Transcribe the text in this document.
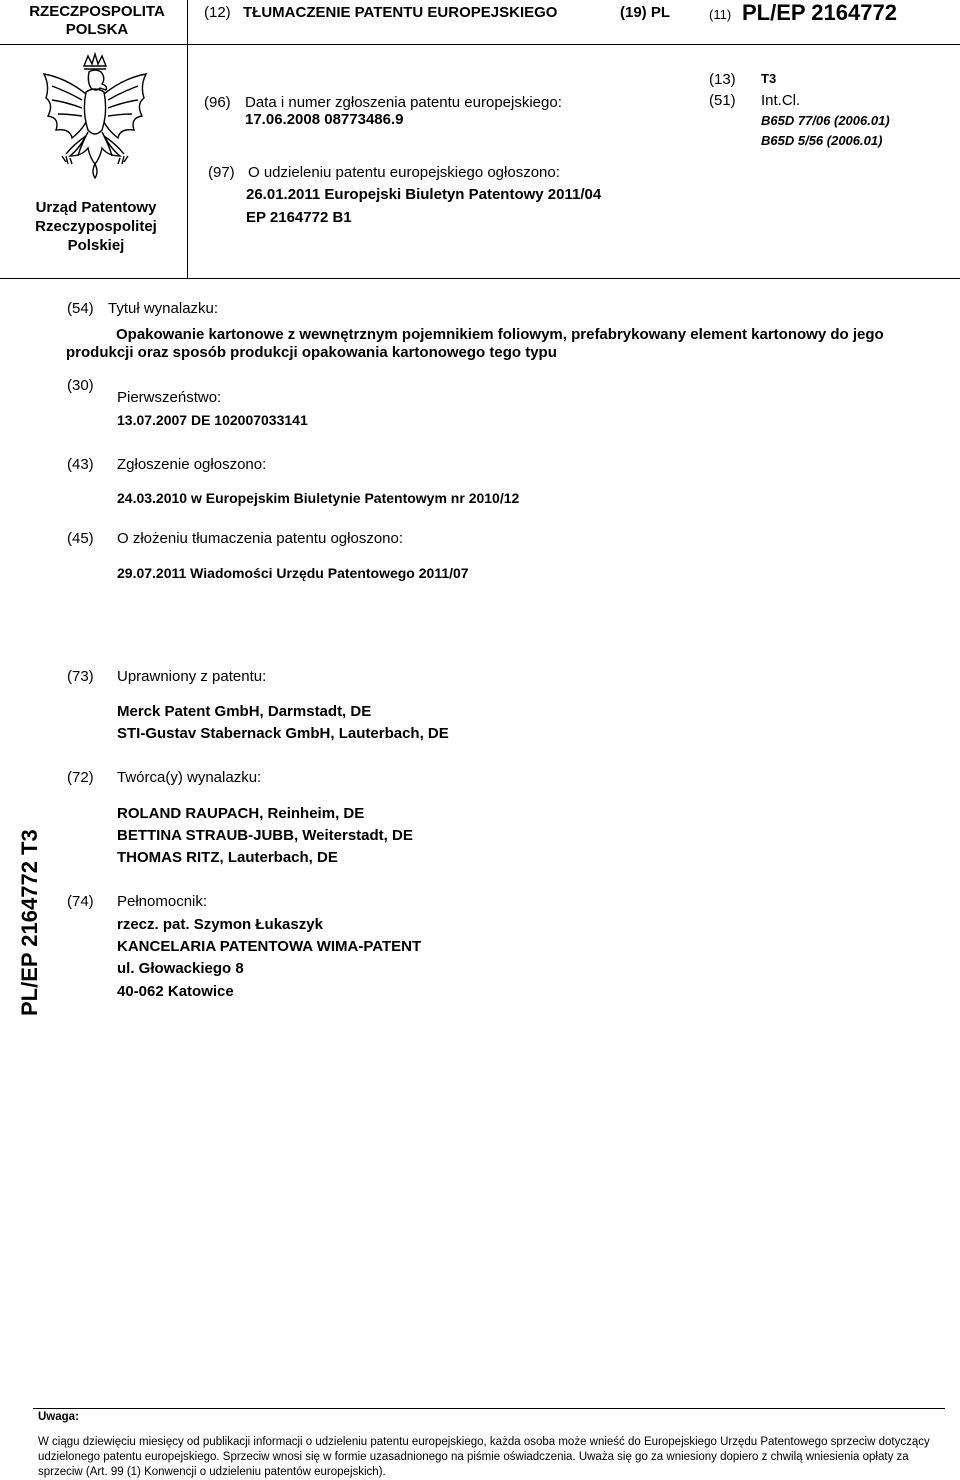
RZECZPOSPOLITA
POLSKA
(12) TŁUMACZENIE PATENTU EUROPEJSKIEGO	(19) PL	(11) PL/EP 2164772
Urząd Patentowy
Rzeczypospolitej
Polskiej
(96) Data i numer zgłoszenia patentu europejskiego:
17.06.2008 08773486.9
(97) O udzieleniu patentu europejskiego ogłoszono:
26.01.2011 Europejski Biuletyn Patentowy 2011/04
EP 2164772 B1
(13) T3
(51) Int.Cl.
B65D 77/06 (2006.01)
B65D 5/56 (2006.01)
(54) Tytuł wynalazku:
Opakowanie kartonowe z wewnętrznym pojemnikiem foliowym, prefabrykowany element kartonowy do jego
produkcji oraz sposób produkcji opakowania kartonowego tego typu
(30)
Pierwszeństwo:
13.07.2007 DE 102007033141
(43) Zgłoszenie ogłoszono:
24.03.2010 w Europejskim Biuletynie Patentowym nr 2010/12
(45) O złożeniu tłumaczenia patentu ogłoszono:
29.07.2011 Wiadomości Urzędu Patentowego 2011/07
(73) Uprawniony z patentu:
Merck Patent GmbH, Darmstadt, DE
STI-Gustav Stabernack GmbH, Lauterbach, DE
(72) Twórca(y) wynalazku:
ROLAND RAUPACH, Reinheim, DE
BETTINA STRAUB-JUBB, Weiterstadt, DE
THOMAS RITZ, Lauterbach, DE
(74) Pełnomocnik:
rzecz. pat. Szymon Łukaszyk
KANCELARIA PATENTOWA WIMA-PATENT
ul. Głowackiego 8
40-062 Katowice
PL/EP 2164772 T3
Uwaga:
W ciągu dziewięciu miesięcy od publikacji informacji o udzieleniu patentu europejskiego, każda osoba może wnieść do Europejskiego Urzędu Patentowego sprzeciw dotyczący udzielonego patentu europejskiego. Sprzeciw wnosi się w formie uzasadnionego na piśmie oświadczenia. Uważa się go za wniesiony dopiero z chwilą wniesienia opłaty za sprzeciw (Art. 99 (1) Konwencji o udzieleniu patentów europejskich).
